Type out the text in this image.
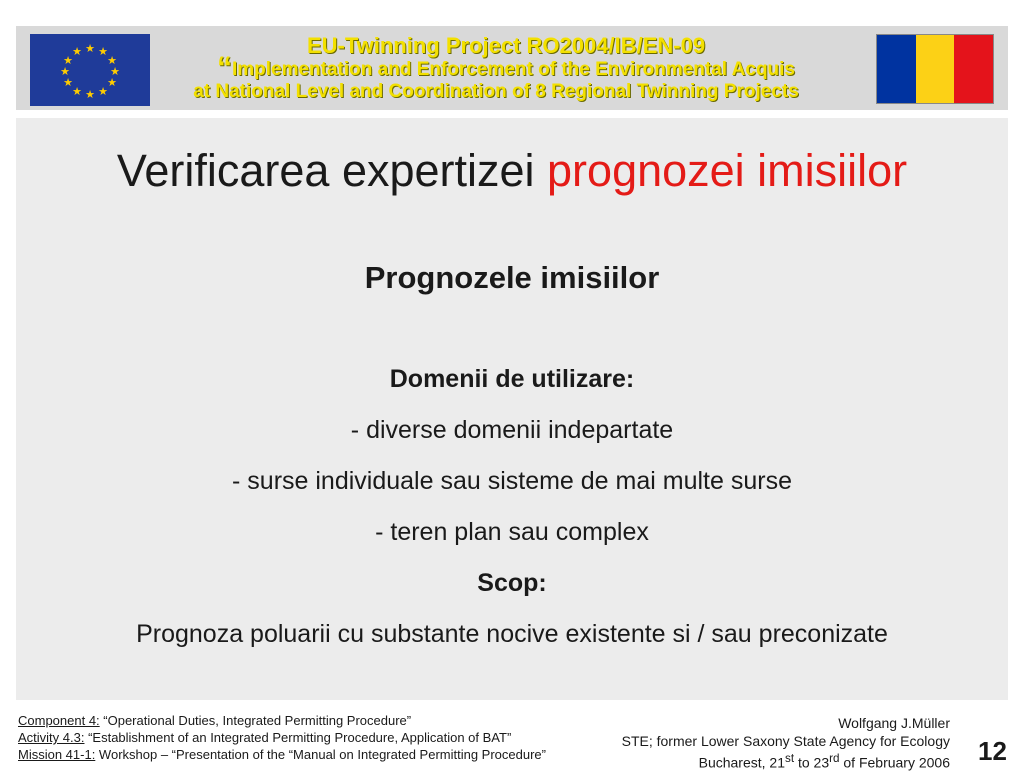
★ ★
★
★
★
★
★
★
★
★
★
★	EU-Twinning Project RO2004/IB/EN-09
“Implementation and Enforcement of the Environmental Acquis
at National Level and Coordination of 8 Regional Twinning Projects
Verificarea expertizei prognozei imisiilor
Prognozele imisiilor
Domenii de utilizare:
- diverse domenii indepartate
- surse individuale sau sisteme de mai multe surse
- teren plan sau complex
Scop:
Prognoza poluarii cu substante nocive existente si / sau preconizate
Component 4: “Operational Duties, Integrated Permitting Procedure”
Activity 4.3: “Establishment of an Integrated Permitting Procedure, Application of BAT”
Mission 41-1: Workshop – “Presentation of the “Manual on Integrated Permitting Procedure”
Wolfgang J.Müller
STE; former Lower Saxony State Agency for Ecology
Bucharest, 21st to 23rd of February 2006 12
